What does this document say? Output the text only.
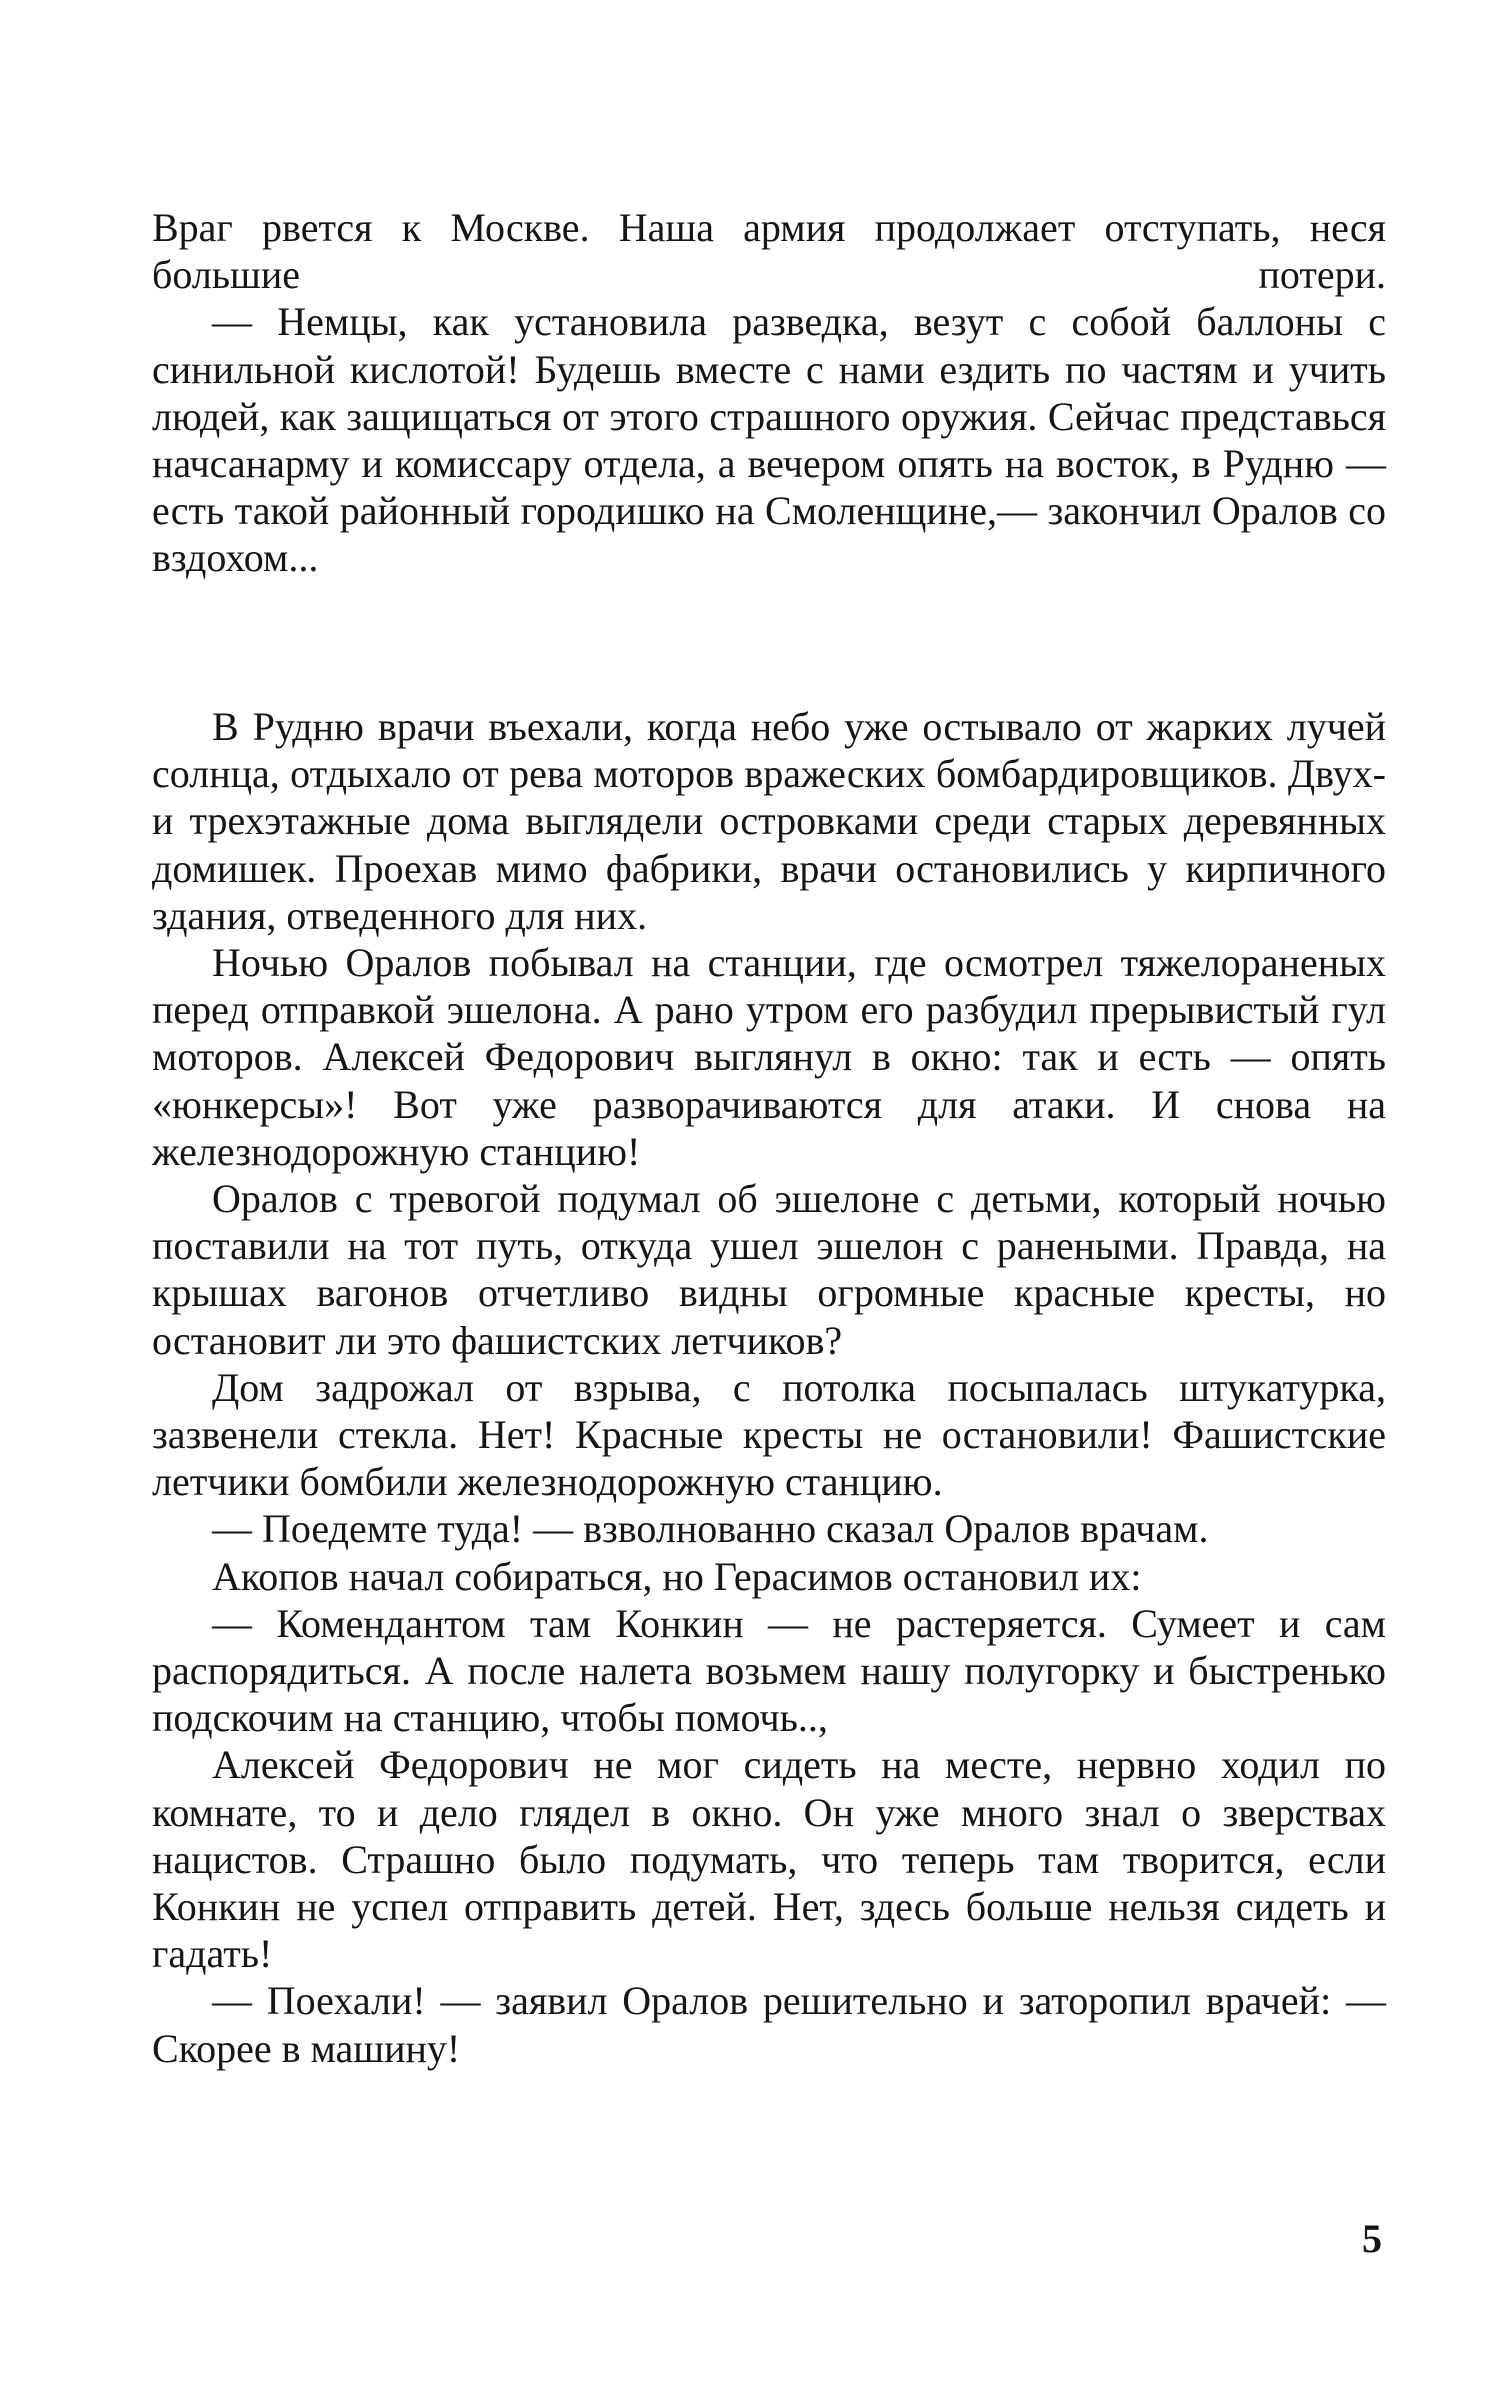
Враг рвется к Москве. Наша армия продолжает отступать, неся большие потери.

— Немцы, как установила разведка, везут с собой баллоны с синильной кислотой! Будешь вместе с нами ездить по частям и учить людей, как защищаться от этого страшного оружия. Сейчас представься начсанарму и комиссару отдела, а вечером опять на восток, в Рудню — есть такой районный городишко на Смоленщине,— закончил Оралов со вздохом...

В Рудню врачи въехали, когда небо уже остывало от жарких лучей солнца, отдыхало от рева моторов вражеских бомбардировщиков. Двух- и трехэтажные дома выглядели островками среди старых деревянных домишек. Проехав мимо фабрики, врачи остановились у кирпичного здания, отведенного для них.

Ночью Оралов побывал на станции, где осмотрел тяжелораненых перед отправкой эшелона. А рано утром его разбудил прерывистый гул моторов. Алексей Федорович выглянул в окно: так и есть — опять «юнкерсы»! Вот уже разворачиваются для атаки. И снова на железнодорожную станцию!

Оралов с тревогой подумал об эшелоне с детьми, который ночью поставили на тот путь, откуда ушел эшелон с ранеными. Правда, на крышах вагонов отчетливо видны огромные красные кресты, но остановит ли это фашистских летчиков?

Дом задрожал от взрыва, с потолка посыпалась штукатурка, зазвенели стекла. Нет! Красные кресты не остановили! Фашистские летчики бомбили железнодорожную станцию.

— Поедемте туда! — взволнованно сказал Оралов врачам.

Акопов начал собираться, но Герасимов остановил их:

— Комендантом там Конкин — не растеряется. Сумеет и сам распорядиться. А после налета возьмем нашу полугорку и быстренько подскочим на станцию, чтобы помочь..,

Алексей Федорович не мог сидеть на месте, нервно ходил по комнате, то и дело глядел в окно. Он уже много знал о зверствах нацистов. Страшно было подумать, что теперь там творится, если Конкин не успел отправить детей. Нет, здесь больше нельзя сидеть и гадать!

— Поехали! — заявил Оралов решительно и заторопил врачей: — Скорее в машину!

5
